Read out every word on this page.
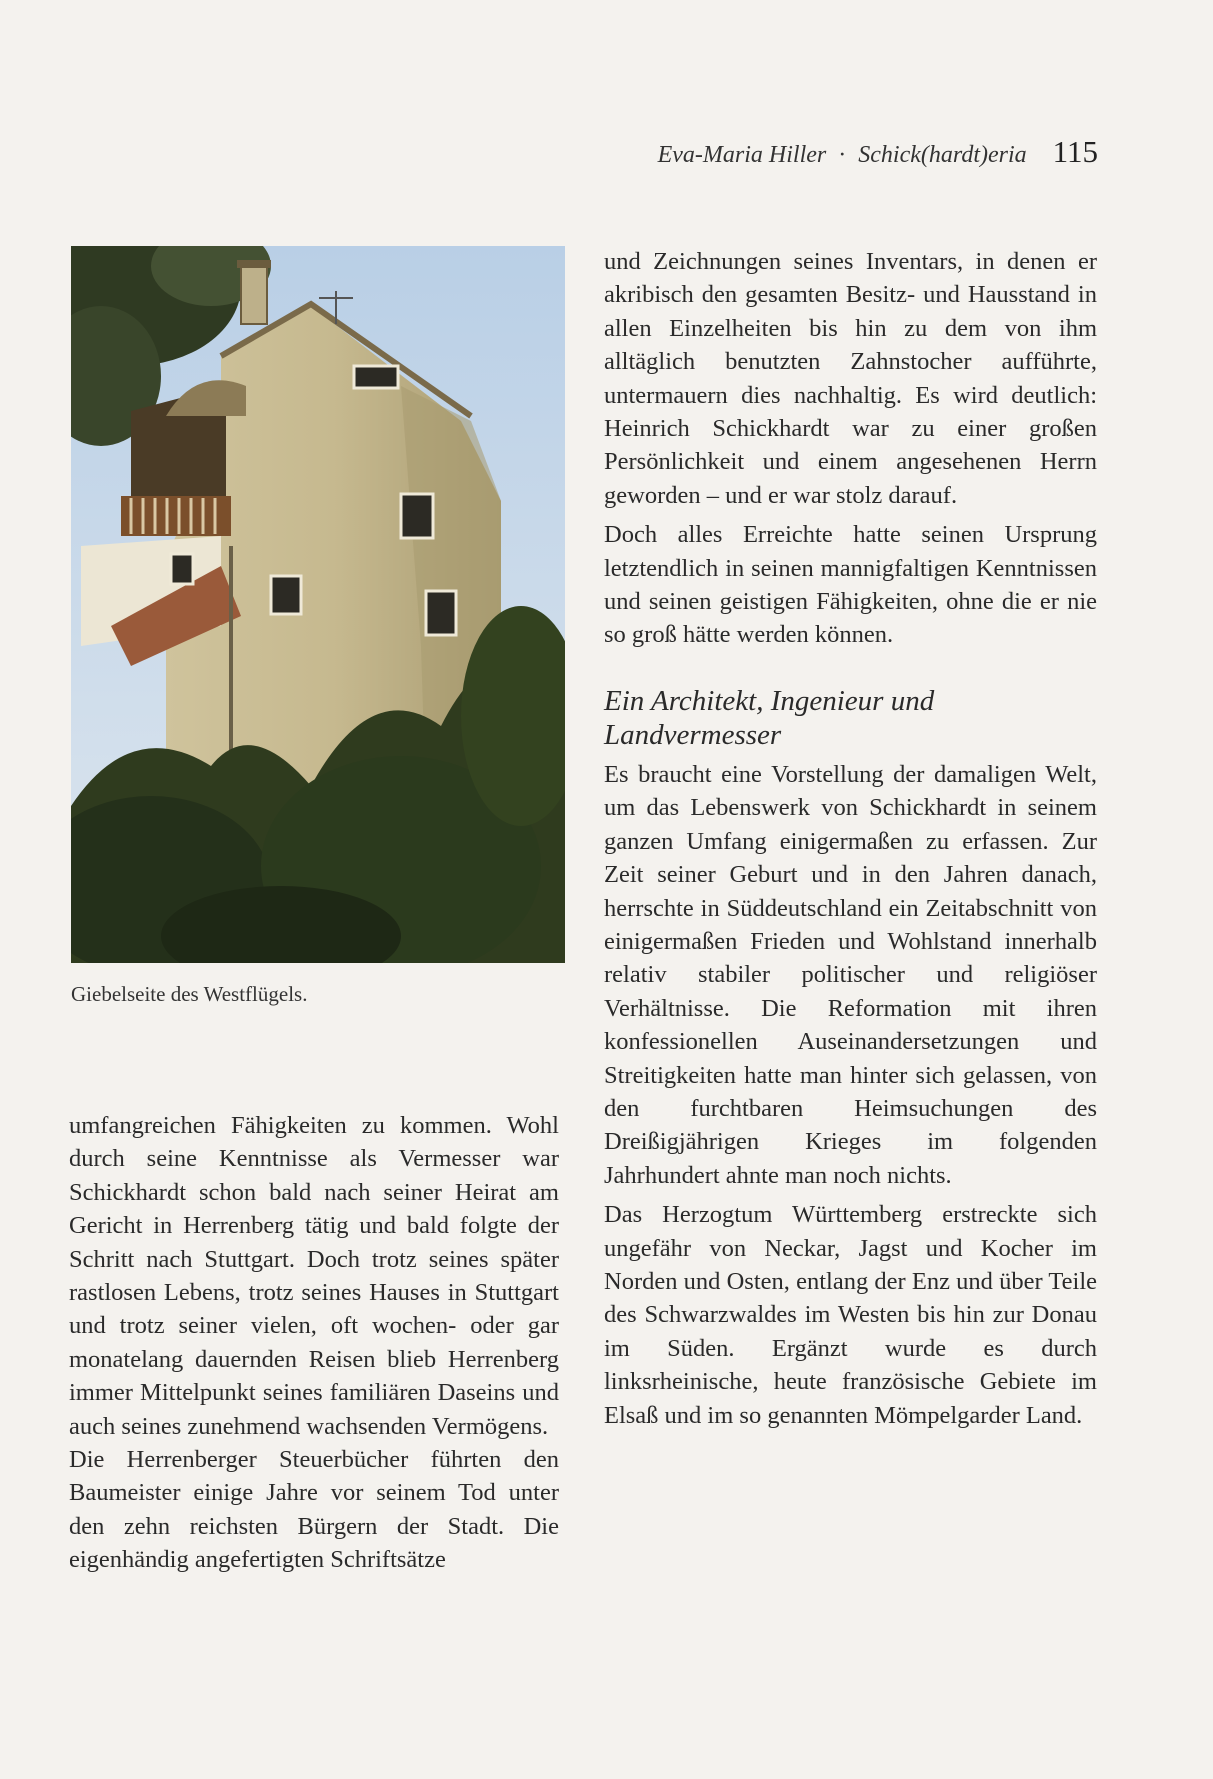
Eva-Maria Hiller · Schick(hardt)eria 115
Giebelseite des Westflügels.

umfangreichen Fähigkeiten zu kommen. Wohl durch seine Kenntnisse als Vermesser war Schickhardt schon bald nach seiner Heirat am Gericht in Herrenberg tätig und bald folgte der Schritt nach Stuttgart. Doch trotz seines später rastlosen Lebens, trotz seines Hauses in Stuttgart und trotz seiner vielen, oft wochen- oder gar monatelang dauernden Reisen blieb Herrenberg immer Mittelpunkt seines familiären Daseins und auch seines zunehmend wachsenden Vermögens.

Die Herrenberger Steuerbücher führten den Baumeister einige Jahre vor seinem Tod unter den zehn reichsten Bürgern der Stadt. Die eigenhändig angefertigten Schriftsätze

und Zeichnungen seines Inventars, in denen er akribisch den gesamten Besitz- und Hausstand in allen Einzelheiten bis hin zu dem von ihm alltäglich benutzten Zahnstocher aufführte, untermauern dies nachhaltig. Es wird deutlich: Heinrich Schickhardt war zu einer großen Persönlichkeit und einem angesehenen Herrn geworden – und er war stolz darauf.

Doch alles Erreichte hatte seinen Ursprung letztendlich in seinen mannigfaltigen Kenntnissen und seinen geistigen Fähigkeiten, ohne die er nie so groß hätte werden können.

Ein Architekt, Ingenieur und Landvermesser

Es braucht eine Vorstellung der damaligen Welt, um das Lebenswerk von Schickhardt in seinem ganzen Umfang einigermaßen zu erfassen. Zur Zeit seiner Geburt und in den Jahren danach, herrschte in Süddeutschland ein Zeitabschnitt von einigermaßen Frieden und Wohlstand innerhalb relativ stabiler politischer und religiöser Verhältnisse. Die Reformation mit ihren konfessionellen Auseinandersetzungen und Streitigkeiten hatte man hinter sich gelassen, von den furchtbaren Heimsuchungen des Dreißigjährigen Krieges im folgenden Jahrhundert ahnte man noch nichts.

Das Herzogtum Württemberg erstreckte sich ungefähr von Neckar, Jagst und Kocher im Norden und Osten, entlang der Enz und über Teile des Schwarzwaldes im Westen bis hin zur Donau im Süden. Ergänzt wurde es durch linksrheinische, heute französische Gebiete im Elsaß und im so genannten Mömpelgarder Land.
